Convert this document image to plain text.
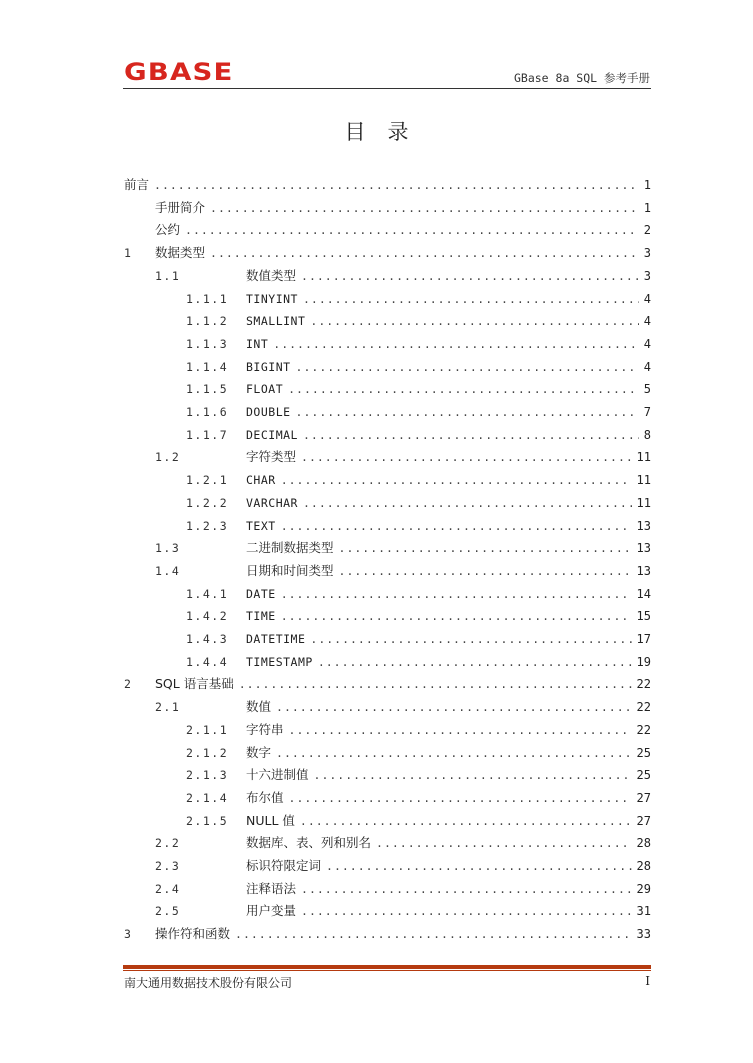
GBASE	GBase 8a SQL 参考手册
目录
前言 .....	1
手册简介 .....	1
公约 .....	2
1	数据类型 .....	3
1.1	数值类型 .....	3
1.1.1	TINYINT .....	4
1.1.2	SMALLINT .....	4
1.1.3	INT .....	4
1.1.4	BIGINT .....	4
1.1.5	FLOAT .....	5
1.1.6	DOUBLE .....	7
1.1.7	DECIMAL .....	8
1.2	字符类型 .....	11
1.2.1	CHAR .....	11
1.2.2	VARCHAR .....	11
1.2.3	TEXT .....	13
1.3	二进制数据类型 .....	13
1.4	日期和时间类型 .....	13
1.4.1	DATE .....	14
1.4.2	TIME .....	15
1.4.3	DATETIME .....	17
1.4.4	TIMESTAMP .....	19
2	SQL 语言基础 .....	22
2.1	数值 .....	22
2.1.1	字符串 .....	22
2.1.2	数字 .....	25
2.1.3	十六进制值 .....	25
2.1.4	布尔值 .....	27
2.1.5	NULL 值 .....	27
2.2	数据库、表、列和别名 .....	28
2.3	标识符限定词 .....	28
2.4	注释语法 .....	29
2.5	用户变量 .....	31
3	操作符和函数 .....	33
南大通用数据技术股份有限公司	I
